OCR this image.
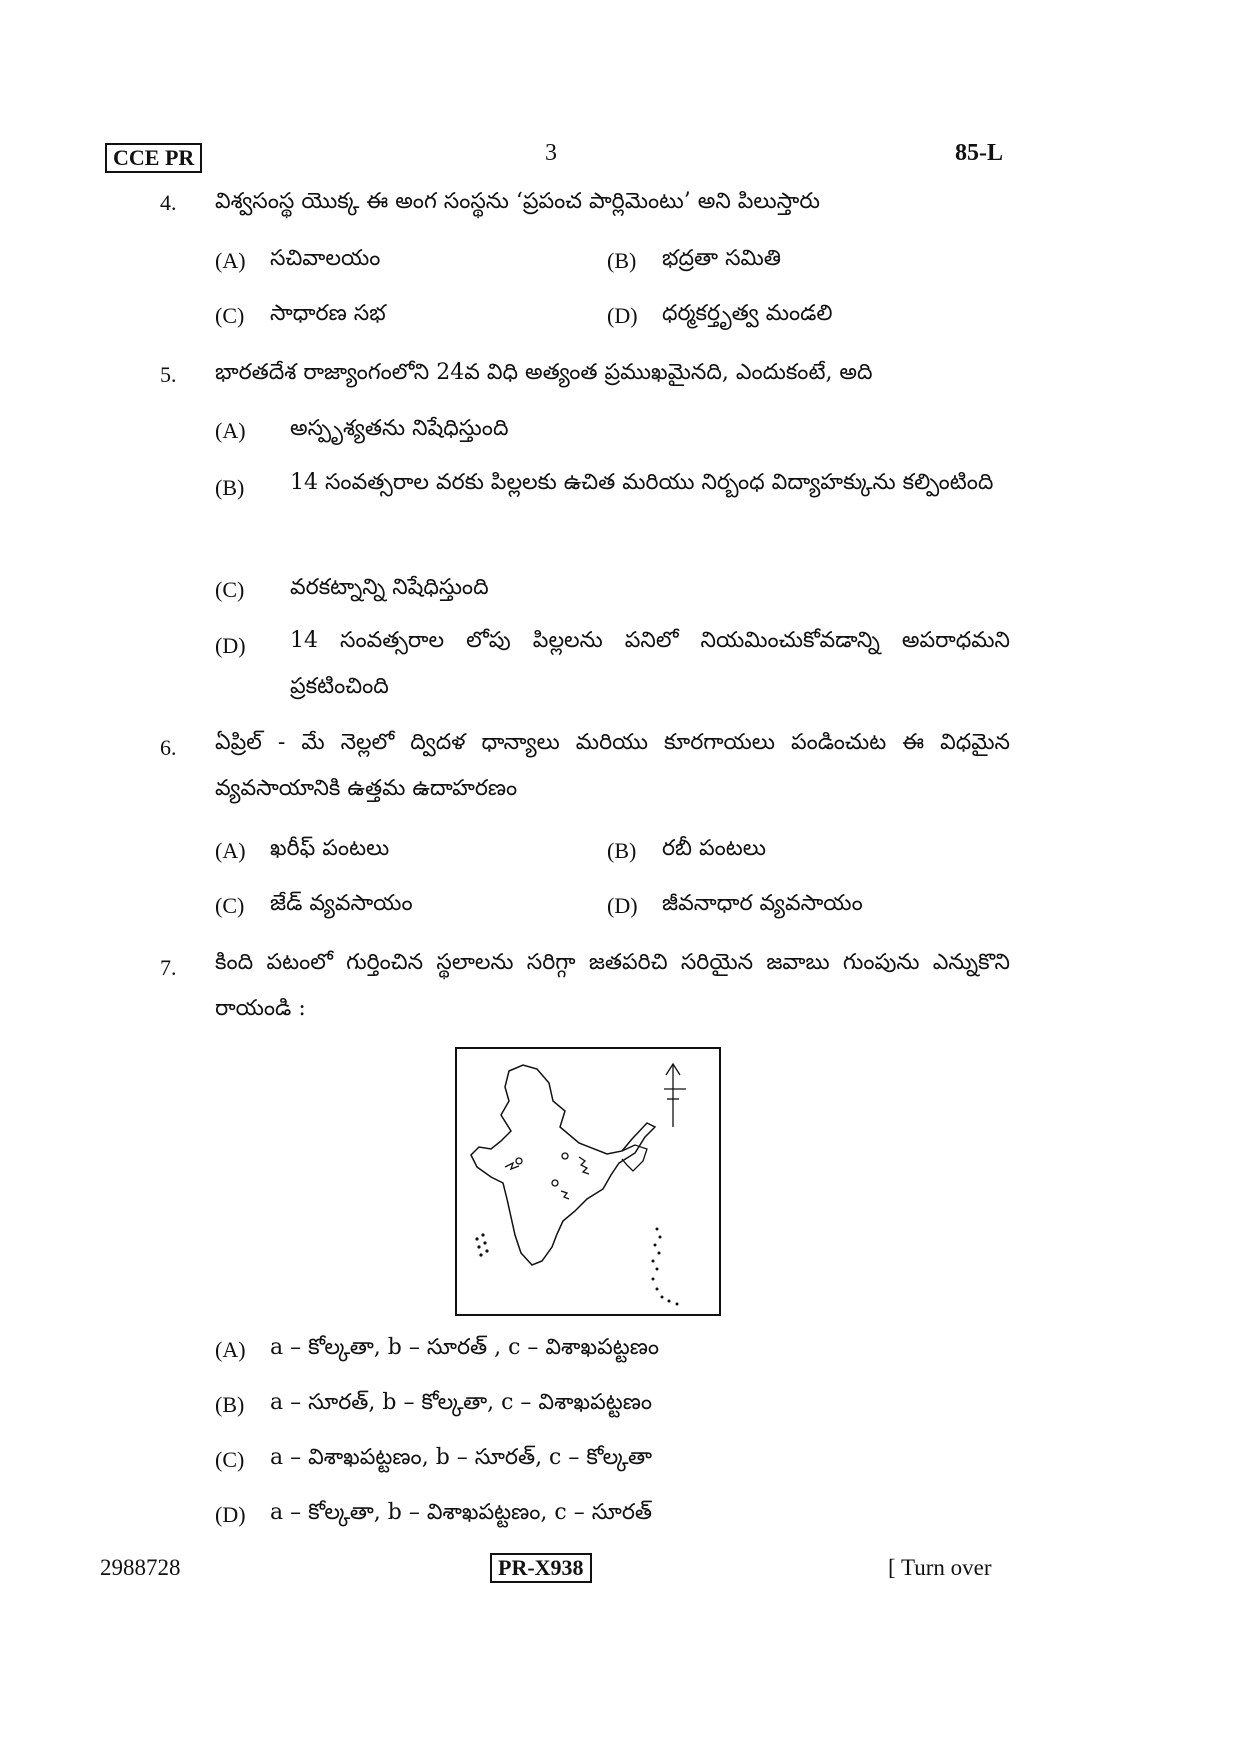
CCE PR	3	85-L
4. విశ్వసంస్థ యొక్క ఈ అంగ సంస్థను ‘ప్రపంచ పార్లిమెంటు’ అని పిలుస్తారు
(A) సచివాలయం	(B) భద్రతా సమితి
(C) సాధారణ సభ	(D) ధర్మకర్తృత్వ మండలి
5. భారతదేశ రాజ్యాంగంలోని 24వ విధి అత్యంత ప్రముఖమైనది, ఎందుకంటే, అది
(A) అస్పృశ్యతను నిషేధిస్తుంది
(B) 14 సంవత్సరాల వరకు పిల్లలకు ఉచిత మరియు నిర్బంధ విద్యాహక్కును కల్పింటింది
(C) వరకట్నాన్ని నిషేధిస్తుంది
(D) 14 సంవత్సరాల లోపు పిల్లలను పనిలో నియమించుకోవడాన్ని అపరాధమని ప్రకటించింది
6. ఏప్రిల్ - మే నెల్లలో ద్విదళ ధాన్యాలు మరియు కూరగాయలు పండించుట ఈ విధమైన వ్యవసాయానికి ఉత్తమ ఉదాహరణం
(A) ఖరీఫ్ పంటలు	(B) రబీ పంటలు
(C) జేడ్ వ్యవసాయం	(D) జీవనాధార వ్యవసాయం
7. కింది పటంలో గుర్తించిన స్థలాలను సరిగ్గా జతపరిచి సరియైన జవాబు గుంపును ఎన్నుకొని రాయండి :
(A) a – కోల్కతా, b – సూరత్ , c – విశాఖపట్టణం
(B) a – సూరత్, b – కోల్కతా, c – విశాఖపట్టణం
(C) a – విశాఖపట్టణం, b – సూరత్, c – కోల్కతా
(D) a – కోల్కతా, b – విశాఖపట్టణం, c – సూరత్
2988728	PR-X938	[ Turn over
